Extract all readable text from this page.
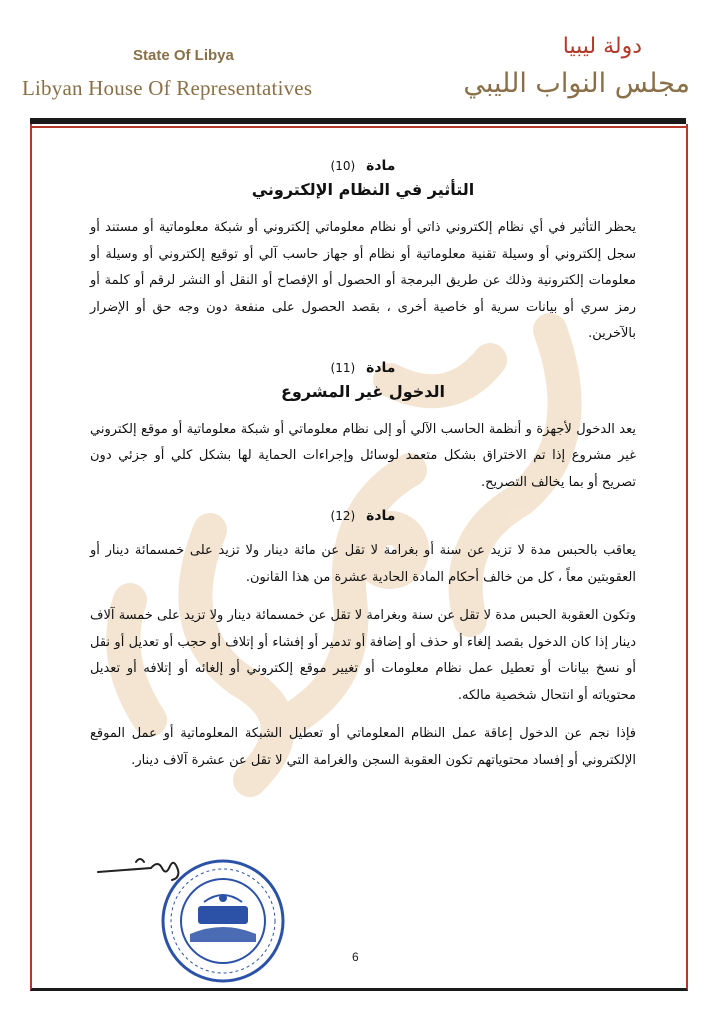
State Of Libya
Libyan House Of Representatives
دولة ليبيا
مجلس النواب الليبي
مادة (10)
التأثير في النظام الإلكتروني

يحظر التأثير في أي نظام إلكتروني ذاتي أو نظام معلوماتي إلكتروني أو شبكة معلوماتية أو مستند أو سجل إلكتروني أو وسيلة تقنية معلوماتية أو نظام أو جهاز حاسب آلي أو توقيع إلكتروني أو وسيلة أو معلومات إلكترونية وذلك عن طريق البرمجة أو الحصول أو الإفصاح أو النقل أو النشر لرقم أو كلمة أو رمز سري أو بيانات سرية أو خاصية أخرى ، بقصد الحصول على منفعة دون وجه حق أو الإضرار بالآخرين.

مادة (11)
الدخول غير المشروع

يعد الدخول لأجهزة و أنظمة الحاسب الآلي أو إلى نظام معلوماتي أو شبكة معلوماتية أو موقع إلكتروني غير مشروع إذا تم الاختراق بشكل متعمد لوسائل وإجراءات الحماية لها بشكل كلي أو جزئي دون تصريح أو بما يخالف التصريح.

مادة (12)

يعاقب بالحبس مدة لا تزيد عن سنة أو بغرامة لا تقل عن مائة دينار ولا تزيد على خمسمائة دينار أو العقوبتين معاً ، كل من خالف أحكام المادة الحادية عشرة من هذا القانون.

وتكون العقوبة الحبس مدة لا تقل عن سنة وبغرامة لا تقل عن خمسمائة دينار ولا تزيد على خمسة آلاف دينار إذا كان الدخول بقصد إلغاء أو حذف أو إضافة أو تدمير أو إفشاء أو إتلاف أو حجب أو تعديل أو نقل أو نسخ بيانات أو تعطيل عمل نظام معلومات أو تغيير موقع إلكتروني أو إلغائه أو إتلافه أو تعديل محتوياته أو انتحال شخصية مالكه.

فإذا نجم عن الدخول إعاقة عمل النظام المعلوماتي أو تعطيل الشبكة المعلوماتية أو عمل الموقع الإلكتروني أو إفساد محتوياتهم تكون العقوبة السجن والغرامة التي لا تقل عن عشرة آلاف دينار.

6
